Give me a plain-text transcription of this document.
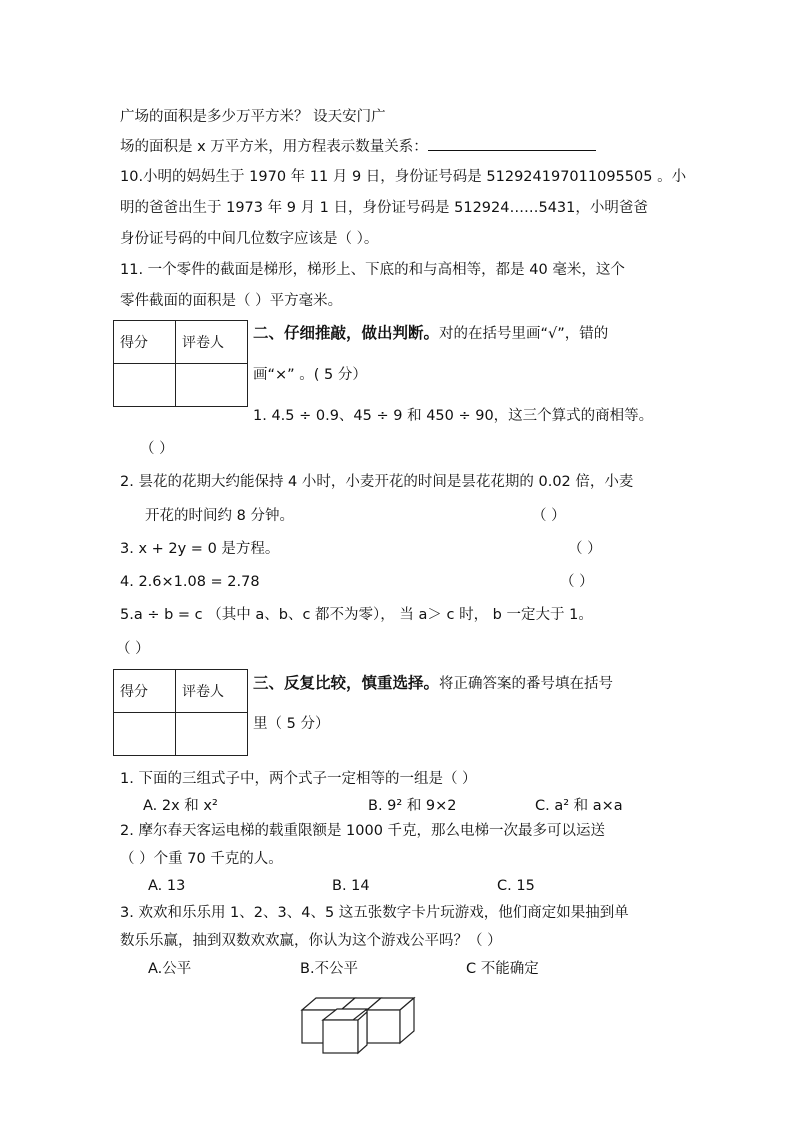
广场的面积是多少万平方米？ 设天安门广
场的面积是 x 万平方米，用方程表示数量关系：
10.小明的妈妈生于 1970 年 11 月 9 日，身份证号码是 512924197011095505 。小
明的爸爸出生于 1973 年 9 月 1 日，身份证号码是 512924……5431，小明爸爸
身份证号码的中间几位数字应该是（ ）。
11. 一个零件的截面是梯形，梯形上、下底的和与高相等，都是 40 毫米，这个
零件截面的面积是（ ）平方毫米。
得分	评卷人

二、仔细推敲，做出判断。对的在括号里画“√”，错的
画“×” 。( 5 分）
1. 4.5 ÷ 0.9、45 ÷ 9 和 450 ÷ 90，这三个算式的商相等。
（ ）
2. 昙花的花期大约能保持 4 小时，小麦开花的时间是昙花花期的 0.02 倍，小麦
开花的时间约 8 分钟。	（ ）
3. x + 2y = 0 是方程。	（ ）
4. 2.6×1.08 = 2.78	（ ）
5.a ÷ b = c （其中 a、b、c 都不为零）， 当 a＞ c 时， b 一定大于 1。
（ ）
得分	评卷人
	三、反复比较，慎重选择。将正确答案的番号填在括号
里（ 5 分）
1. 下面的三组式子中，两个式子一定相等的一组是（ ）
A. 2x 和 x²	B. 9² 和 9×2	C. a² 和 a×a
2. 摩尔春天客运电梯的载重限额是 1000 千克，那么电梯一次最多可以运送
（ ）个重 70 千克的人。
A. 13	B. 14	C. 15
3. 欢欢和乐乐用 1、2、3、4、5 这五张数字卡片玩游戏，他们商定如果抽到单
数乐乐赢，抽到双数欢欢赢，你认为这个游戏公平吗？（ ）
A.公平	B.不公平	C 不能确定
